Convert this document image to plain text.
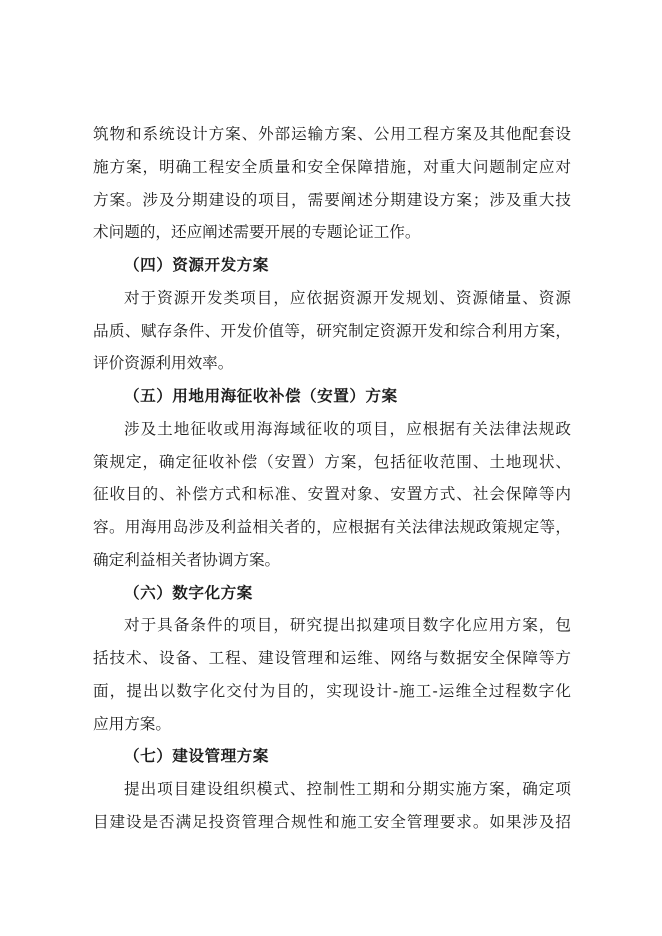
筑物和系统设计方案、外部运输方案、公用工程方案及其他配套设

施方案，明确工程安全质量和安全保障措施，对重大问题制定应对

方案。涉及分期建设的项目，需要阐述分期建设方案；涉及重大技

术问题的，还应阐述需要开展的专题论证工作。

（四）资源开发方案

对于资源开发类项目，应依据资源开发规划、资源储量、资源

品质、赋存条件、开发价值等，研究制定资源开发和综合利用方案，

评价资源利用效率。

（五）用地用海征收补偿（安置）方案

涉及土地征收或用海海域征收的项目，应根据有关法律法规政

策规定，确定征收补偿（安置）方案，包括征收范围、土地现状、

征收目的、补偿方式和标准、安置对象、安置方式、社会保障等内

容。用海用岛涉及利益相关者的，应根据有关法律法规政策规定等，

确定利益相关者协调方案。

（六）数字化方案

对于具备条件的项目，研究提出拟建项目数字化应用方案，包

括技术、设备、工程、建设管理和运维、网络与数据安全保障等方

面，提出以数字化交付为目的，实现设计-施工-运维全过程数字化

应用方案。

（七）建设管理方案

提出项目建设组织模式、控制性工期和分期实施方案，确定项

目建设是否满足投资管理合规性和施工安全管理要求。如果涉及招
